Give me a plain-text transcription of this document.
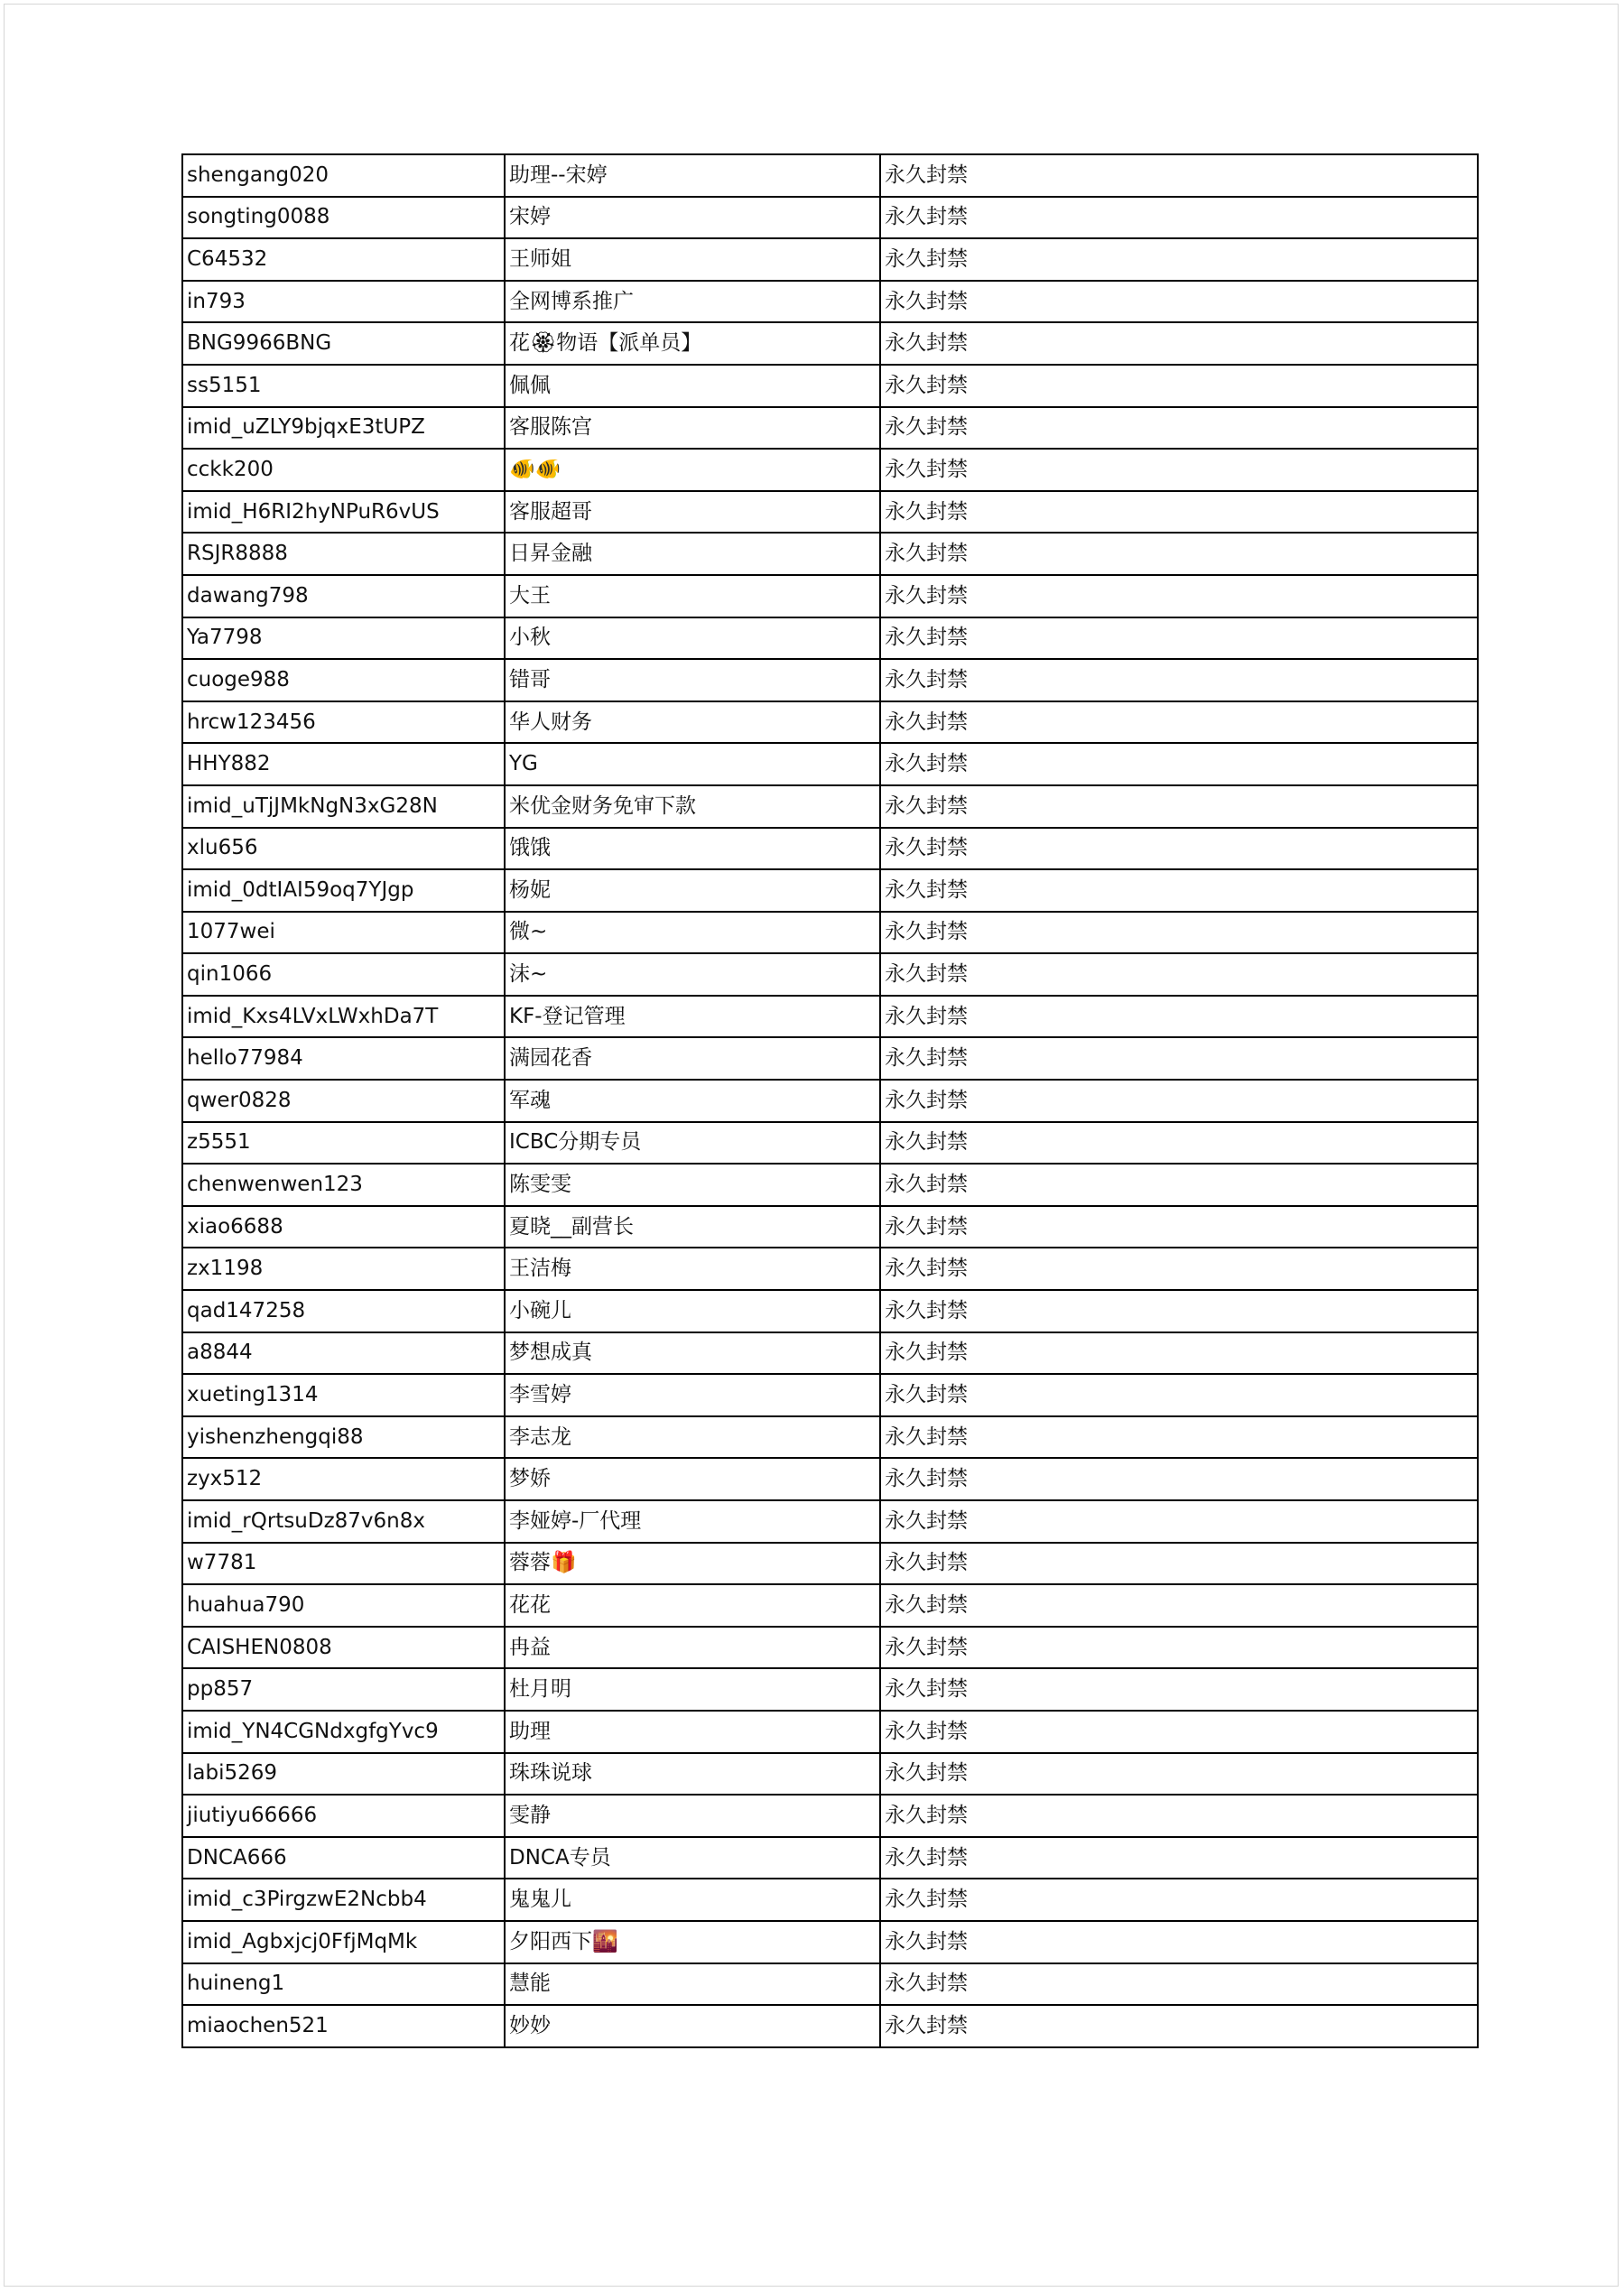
shengang020	助理--宋婷	永久封禁
songting0088	宋婷	永久封禁
C64532	王师姐	永久封禁
in793	全网博系推广	永久封禁
BNG9966BNG	花🏵物语【派单员】	永久封禁
ss5151	佩佩	永久封禁
imid_uZLY9bjqxE3tUPZ	客服陈宫	永久封禁
cckk200	🐠🐠	永久封禁
imid_H6RI2hyNPuR6vUS	客服超哥	永久封禁
RSJR8888	日昇金融	永久封禁
dawang798	大王	永久封禁
Ya7798	小秋	永久封禁
cuoge988	错哥	永久封禁
hrcw123456	华人财务	永久封禁
HHY882	YG	永久封禁
imid_uTjJMkNgN3xG28N	米优金财务免审下款	永久封禁
xlu656	饿饿	永久封禁
imid_0dtIAI59oq7YJgp	杨妮	永久封禁
1077wei	微~	永久封禁
qin1066	沫~	永久封禁
imid_Kxs4LVxLWxhDa7T	KF-登记管理	永久封禁
hello77984	满园花香	永久封禁
qwer0828	军魂	永久封禁
z5551	ICBC分期专员	永久封禁
chenwenwen123	陈雯雯	永久封禁
xiao6688	夏晓__副营长	永久封禁
zx1198	王洁梅	永久封禁
qad147258	小碗儿	永久封禁
a8844	梦想成真	永久封禁
xueting1314	李雪婷	永久封禁
yishenzhengqi88	李志龙	永久封禁
zyx512	梦娇	永久封禁
imid_rQrtsuDz87v6n8x	李娅婷-厂代理	永久封禁
w7781	蓉蓉🎁	永久封禁
huahua790	花花	永久封禁
CAISHEN0808	冉益	永久封禁
pp857	杜月明	永久封禁
imid_YN4CGNdxgfgYvc9	助理	永久封禁
labi5269	珠珠说球	永久封禁
jiutiyu66666	雯静	永久封禁
DNCA666	DNCA专员	永久封禁
imid_c3PirgzwE2Ncbb4	鬼鬼儿	永久封禁
imid_Agbxjcj0FfjMqMk	夕阳西下🌇	永久封禁
huineng1	慧能	永久封禁
miaochen521	妙妙	永久封禁
